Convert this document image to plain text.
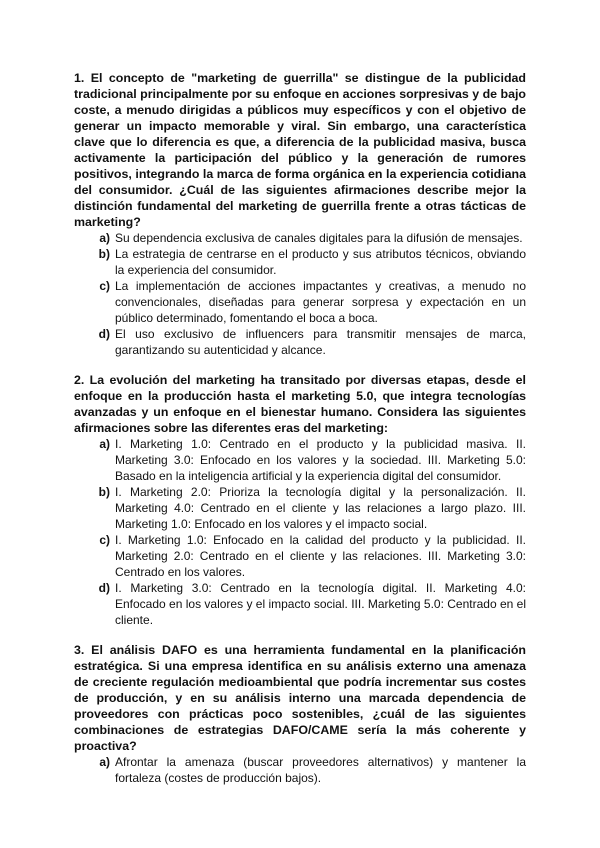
1. El concepto de "marketing de guerrilla" se distingue de la publicidad tradicional principalmente por su enfoque en acciones sorpresivas y de bajo coste, a menudo dirigidas a públicos muy específicos y con el objetivo de generar un impacto memorable y viral. Sin embargo, una característica clave que lo diferencia es que, a diferencia de la publicidad masiva, busca activamente la participación del público y la generación de rumores positivos, integrando la marca de forma orgánica en la experiencia cotidiana del consumidor. ¿Cuál de las siguientes afirmaciones describe mejor la distinción fundamental del marketing de guerrilla frente a otras tácticas de marketing?

a) Su dependencia exclusiva de canales digitales para la difusión de mensajes.
b) La estrategia de centrarse en el producto y sus atributos técnicos, obviando la experiencia del consumidor.
c) La implementación de acciones impactantes y creativas, a menudo no convencionales, diseñadas para generar sorpresa y expectación en un público determinado, fomentando el boca a boca.
d) El uso exclusivo de influencers para transmitir mensajes de marca, garantizando su autenticidad y alcance.

2. La evolución del marketing ha transitado por diversas etapas, desde el enfoque en la producción hasta el marketing 5.0, que integra tecnologías avanzadas y un enfoque en el bienestar humano. Considera las siguientes afirmaciones sobre las diferentes eras del marketing:

a) I. Marketing 1.0: Centrado en el producto y la publicidad masiva. II. Marketing 3.0: Enfocado en los valores y la sociedad. III. Marketing 5.0: Basado en la inteligencia artificial y la experiencia digital del consumidor.
b) I. Marketing 2.0: Prioriza la tecnología digital y la personalización. II. Marketing 4.0: Centrado en el cliente y las relaciones a largo plazo. III. Marketing 1.0: Enfocado en los valores y el impacto social.
c) I. Marketing 1.0: Enfocado en la calidad del producto y la publicidad. II. Marketing 2.0: Centrado en el cliente y las relaciones. III. Marketing 3.0: Centrado en los valores.
d) I. Marketing 3.0: Centrado en la tecnología digital. II. Marketing 4.0: Enfocado en los valores y el impacto social. III. Marketing 5.0: Centrado en el cliente.

3. El análisis DAFO es una herramienta fundamental en la planificación estratégica. Si una empresa identifica en su análisis externo una amenaza de creciente regulación medioambiental que podría incrementar sus costes de producción, y en su análisis interno una marcada dependencia de proveedores con prácticas poco sostenibles, ¿cuál de las siguientes combinaciones de estrategias DAFO/CAME sería la más coherente y proactiva?

a) Afrontar la amenaza (buscar proveedores alternativos) y mantener la fortaleza (costes de producción bajos).
